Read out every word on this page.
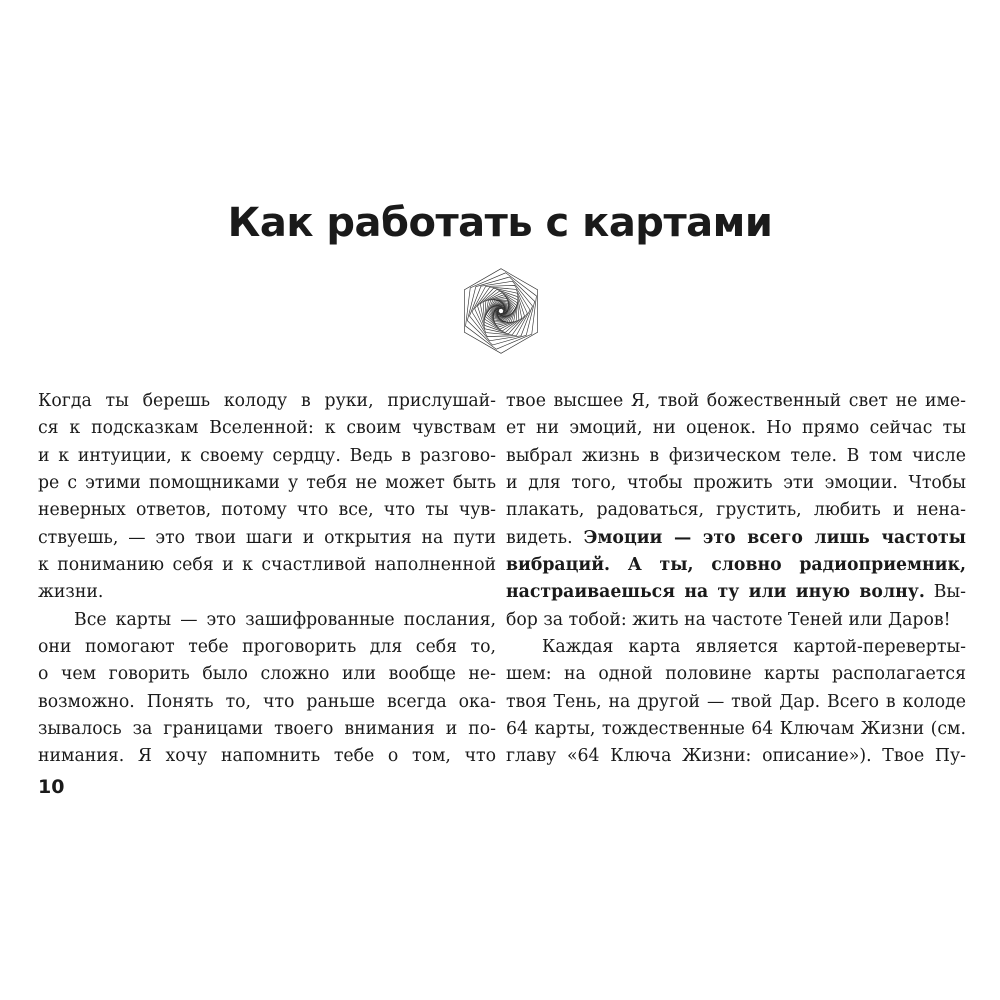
Как работать с картами
Когда ты берешь колоду в руки, прислушай-
ся к подсказкам Вселенной: к своим чувствам
и к интуиции, к своему сердцу. Ведь в разгово-
ре с этими помощниками у тебя не может быть
неверных ответов, потому что все, что ты чув-
ствуешь, — это твои шаги и открытия на пути
к пониманию себя и к счастливой наполненной
жизни.
Все карты — это зашифрованные послания,
они помогают тебе проговорить для себя то,
о чем говорить было сложно или вообще не-
возможно. Понять то, что раньше всегда ока-
зывалось за границами твоего внимания и по-
нимания. Я хочу напомнить тебе о том, что
твое высшее Я, твой божественный свет не име-
ет ни эмоций, ни оценок. Но прямо сейчас ты
выбрал жизнь в физическом теле. В том числе
и для того, чтобы прожить эти эмоции. Чтобы
плакать, радоваться, грустить, любить и нена-
видеть. Эмоции — это всего лишь частоты
вибраций. А ты, словно радиоприемник,
настраиваешься на ту или иную волну. Вы-
бор за тобой: жить на частоте Теней или Даров!
Каждая карта является картой-переверты-
шем: на одной половине карты располагается
твоя Тень, на другой — твой Дар. Всего в колоде
64 карты, тождественные 64 Ключам Жизни (см.
главу «64 Ключа Жизни: описание»). Твое Пу-
10
